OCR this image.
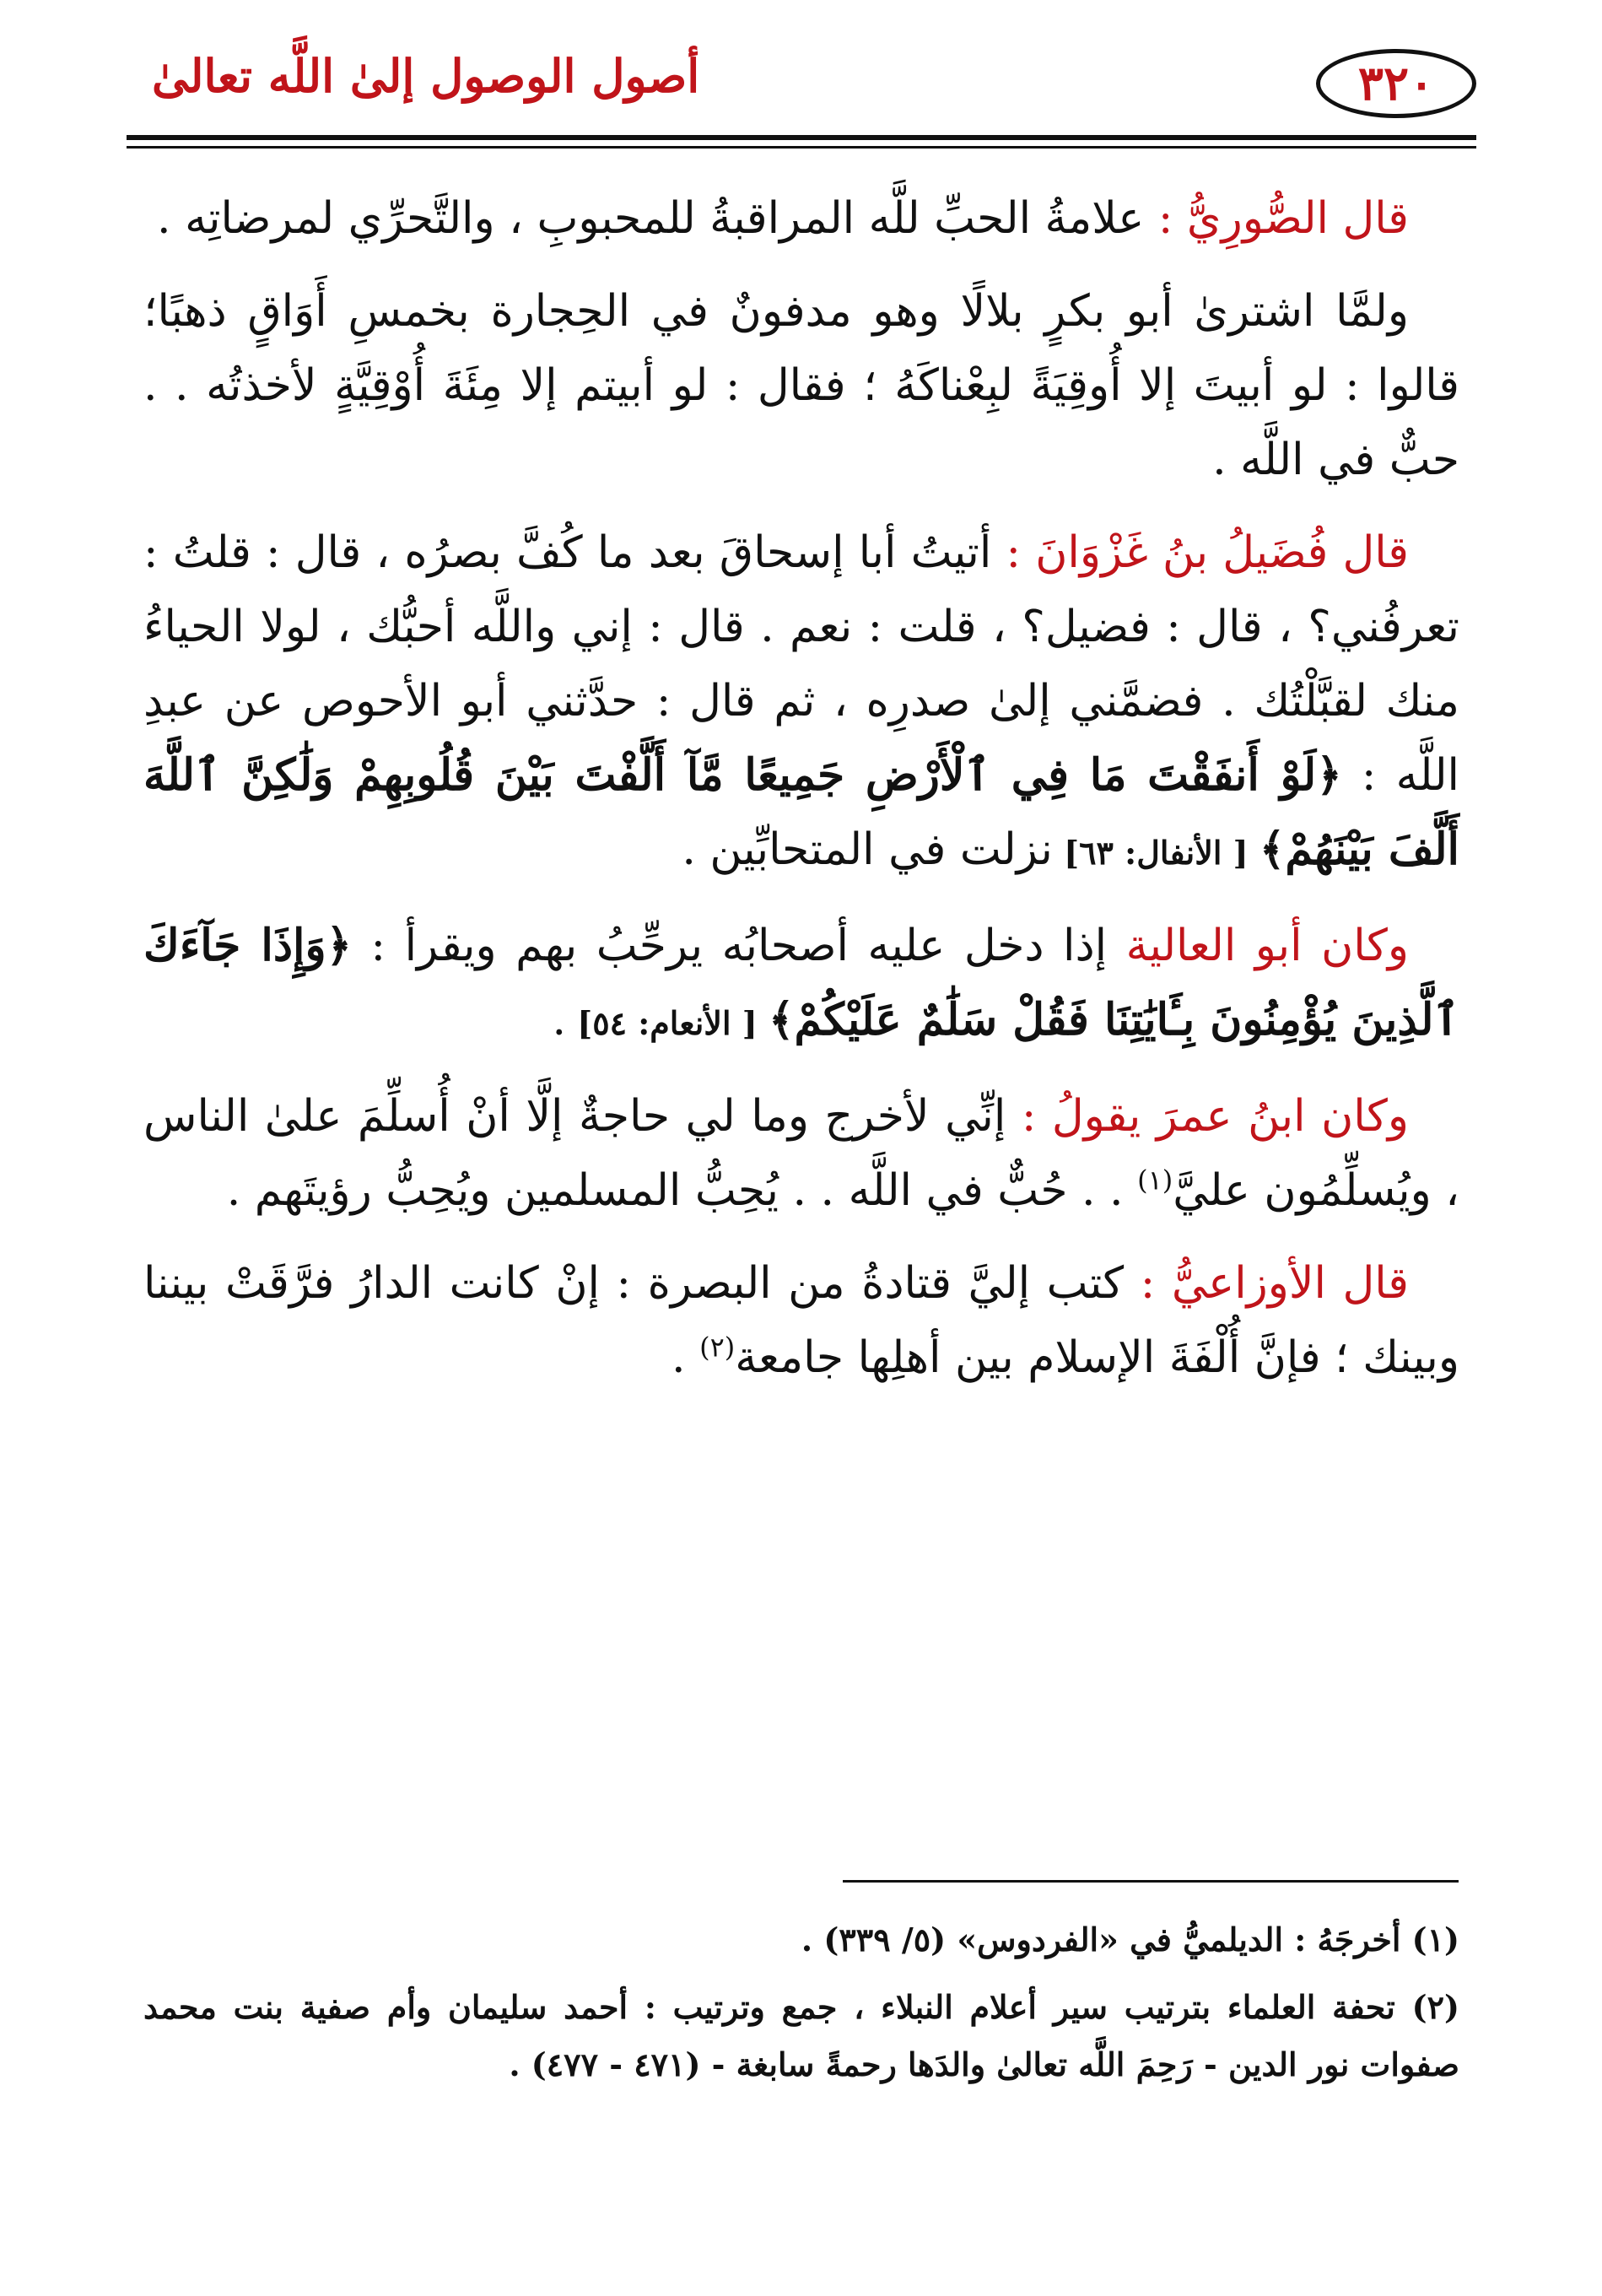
٣٢٠
أصول الوصول إلىٰ اللَّه تعالىٰ

قال الصُّورِيُّ : علامةُ الحبِّ للَّه المراقبةُ للمحبوبِ ، والتَّحرِّي لمرضاتِه .

ولمَّا اشترىٰ أبو بكرٍ بلالًا وهو مدفونٌ في الحِجارة بخمسِ أَوَاقٍ ذهبًا؛ قالوا : لو أبيتَ إلا أُوقِيَةً لبِعْناكَهُ ؛ فقال : لو أبيتم إلا مِئَةَ أُوْقِيَّةٍ لأخذتُه . . حبٌّ في اللَّه .

قال فُضَيلُ بنُ غَزْوَانَ : أتيتُ أبا إسحاقَ بعد ما كُفَّ بصرُه ، قال : قلتُ : تعرفُني؟ ، قال : فضيل؟ ، قلت : نعم . قال : إني واللَّه أحبُّك ، لولا الحياءُ منك لقبَّلْتُك . فضمَّني إلىٰ صدرِه ، ثم قال : حدَّثني أبو الأحوص عن عبدِ اللَّه : ﴿لَوْ أَنفَقْتَ مَا فِي ٱلْأَرْضِ جَمِيعًا مَّآ أَلَّفْتَ بَيْنَ قُلُوبِهِمْ وَلَٰكِنَّ ٱللَّهَ أَلَّفَ بَيْنَهُمْ﴾ [ الأنفال: ٦٣] نزلت في المتحابِّين .

وكان أبو العالية إذا دخل عليه أصحابُه يرحِّبُ بهم ويقرأ : ﴿وَإِذَا جَآءَكَ ٱلَّذِينَ يُؤْمِنُونَ بِـَٔايَٰتِنَا فَقُلْ سَلَٰمٌ عَلَيْكُمْ﴾ [ الأنعام: ٥٤] .

وكان ابنُ عمرَ يقولُ : إنِّي لأخرج وما لي حاجةٌ إلَّا أنْ أُسلِّمَ علىٰ الناس ، ويُسلِّمُون عليَّ$^{(١)}$ . . حُبٌّ في اللَّه . . يُحِبُّ المسلمين ويُحِبُّ رؤيتَهم .

قال الأوزاعيُّ : كتب إليَّ قتادةُ من البصرة : إنْ كانت الدارُ فرَّقَتْ بيننا وبينك ؛ فإنَّ أُلْفَةَ الإسلام بين أهلِها جامعة$^{(٢)}$ .

(١) أخرجَهُ : الديلميُّ في «الفردوس» (٥/ ٣٣٩) .

(٢) تحفة العلماء بترتيب سير أعلام النبلاء ، جمع وترتيب : أحمد سليمان وأم صفية بنت محمد صفوات نور الدين - رَحِمَ اللَّه تعالىٰ والدَها رحمةً سابغة - (٤٧١ - ٤٧٧) .
